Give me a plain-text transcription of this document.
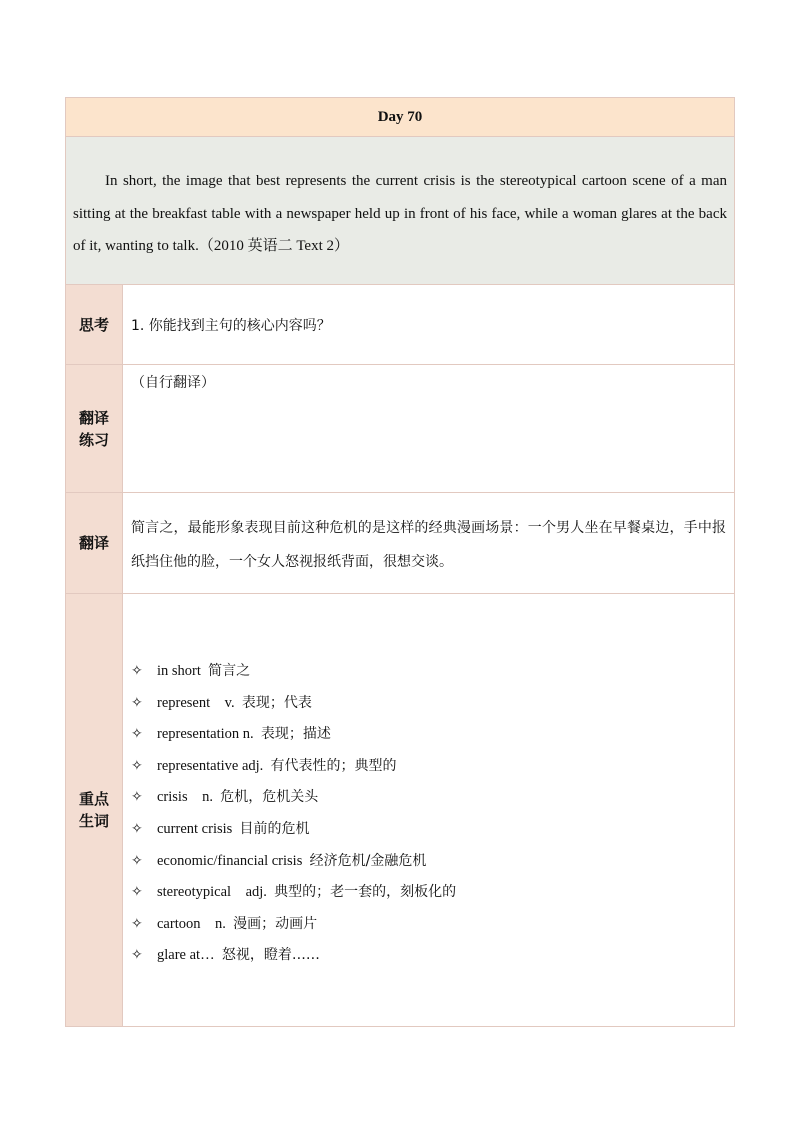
Day 70

In short, the image that best represents the current crisis is the stereotypical cartoon scene of a man sitting at the breakfast table with a newspaper held up in front of his face, while a woman glares at the back of it, wanting to talk.（2010 英语二 Text 2）

思考	1. 你能找到主句的核心内容吗？
翻译
练习
（自行翻译）
翻译
简言之，最能形象表现目前这种危机的是这样的经典漫画场景：一个男人坐在早餐桌边，手中报纸挡住他的脸，一个女人怒视报纸背面，很想交谈。
重点
生词
✧ in short
简言之
✧ represent    v.
表现；代表
✧ representation n.
表现；描述
✧ representative adj.
有代表性的；典型的
✧ crisis    n.
危机，危机关头
✧ current crisis
目前的危机
✧ economic/financial crisis
经济危机/金融危机
✧ stereotypical    adj.
典型的；老一套的，刻板化的
✧ cartoon    n.
漫画；动画片
✧ glare at…
怒视，瞪着……
